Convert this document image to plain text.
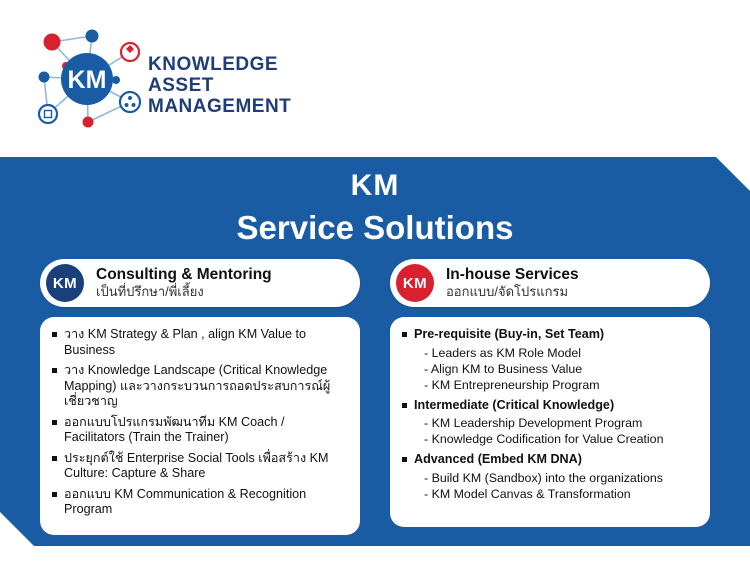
KM
KNOWLEDGE
ASSET
MANAGEMENT
KM
Service Solutions
KM	Consulting & Mentoring
เป็นที่ปรึกษา/พี่เลี้ยง
วาง KM Strategy & Plan , align KM Value to Business
วาง Knowledge Landscape (Critical Knowledge Mapping) และวางกระบวนการถอดประสบการณ์ผู้เชี่ยวชาญ
ออกแบบโปรแกรมพัฒนาทีม KM Coach / Facilitators (Train the Trainer)
ประยุกต์ใช้ Enterprise Social Tools เพื่อสร้าง KM Culture: Capture & Share
ออกแบบ KM Communication & Recognition Program
KM	In-house Services
ออกแบบ/จัดโปรแกรม
Pre-requisite (Buy-in, Set Team)
- Leaders as KM Role Model
- Align KM to Business Value
- KM Entrepreneurship Program
Intermediate (Critical Knowledge)
- KM Leadership Development Program
- Knowledge Codification for Value Creation
Advanced (Embed KM DNA)
- Build KM (Sandbox) into the organizations
- KM Model Canvas & Transformation
